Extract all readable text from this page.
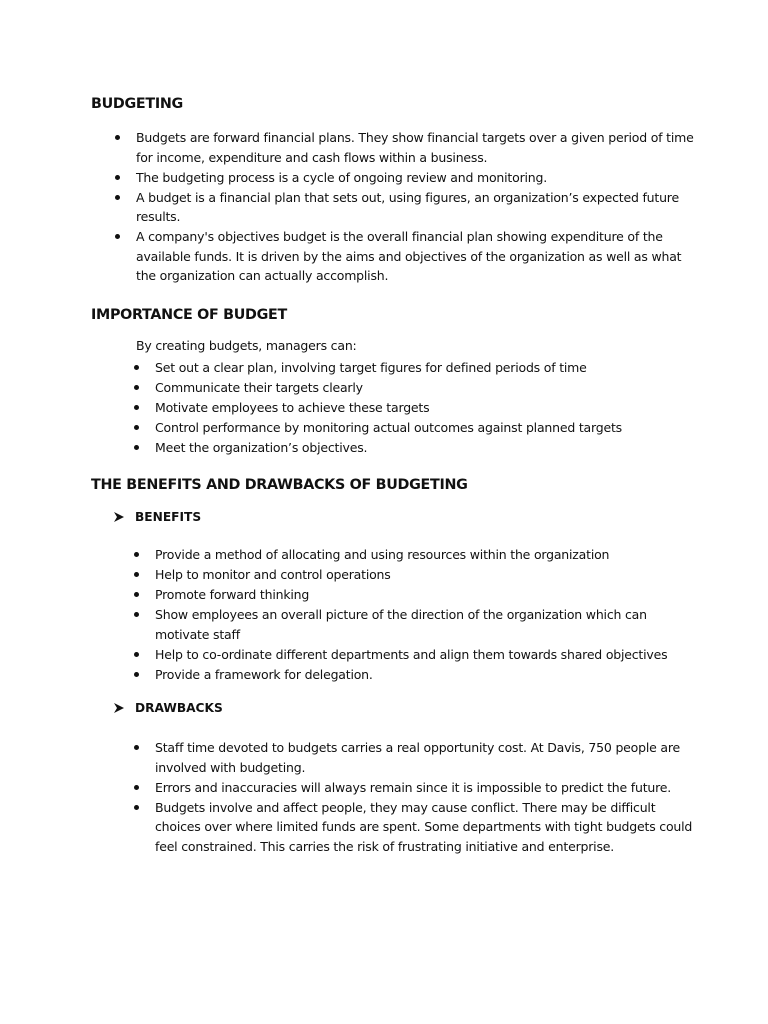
BUDGETING
Budgets are forward financial plans. They show financial targets over a given period of time for income, expenditure and cash flows within a business.
The budgeting process is a cycle of ongoing review and monitoring.
A budget is a financial plan that sets out, using figures, an organization’s expected future results.
A company's objectives budget is the overall financial plan showing expenditure of the available funds. It is driven by the aims and objectives of the organization as well as what the organization can actually accomplish.
IMPORTANCE OF BUDGET

By creating budgets, managers can:

Set out a clear plan, involving target figures for defined periods of time
Communicate their targets clearly
Motivate employees to achieve these targets
Control performance by monitoring actual outcomes against planned targets
Meet the organization’s objectives.
THE BENEFITS AND DRAWBACKS OF BUDGETING
BENEFITS
Provide a method of allocating and using resources within the organization
Help to monitor and control operations
Promote forward thinking
Show employees an overall picture of the direction of the organization which can motivate staff
Help to co-ordinate different departments and align them towards shared objectives
Provide a framework for delegation.
DRAWBACKS
Staff time devoted to budgets carries a real opportunity cost. At Davis, 750 people are involved with budgeting.
Errors and inaccuracies will always remain since it is impossible to predict the future.
Budgets involve and affect people, they may cause conflict. There may be difficult choices over where limited funds are spent. Some departments with tight budgets could feel constrained. This carries the risk of frustrating initiative and enterprise.
